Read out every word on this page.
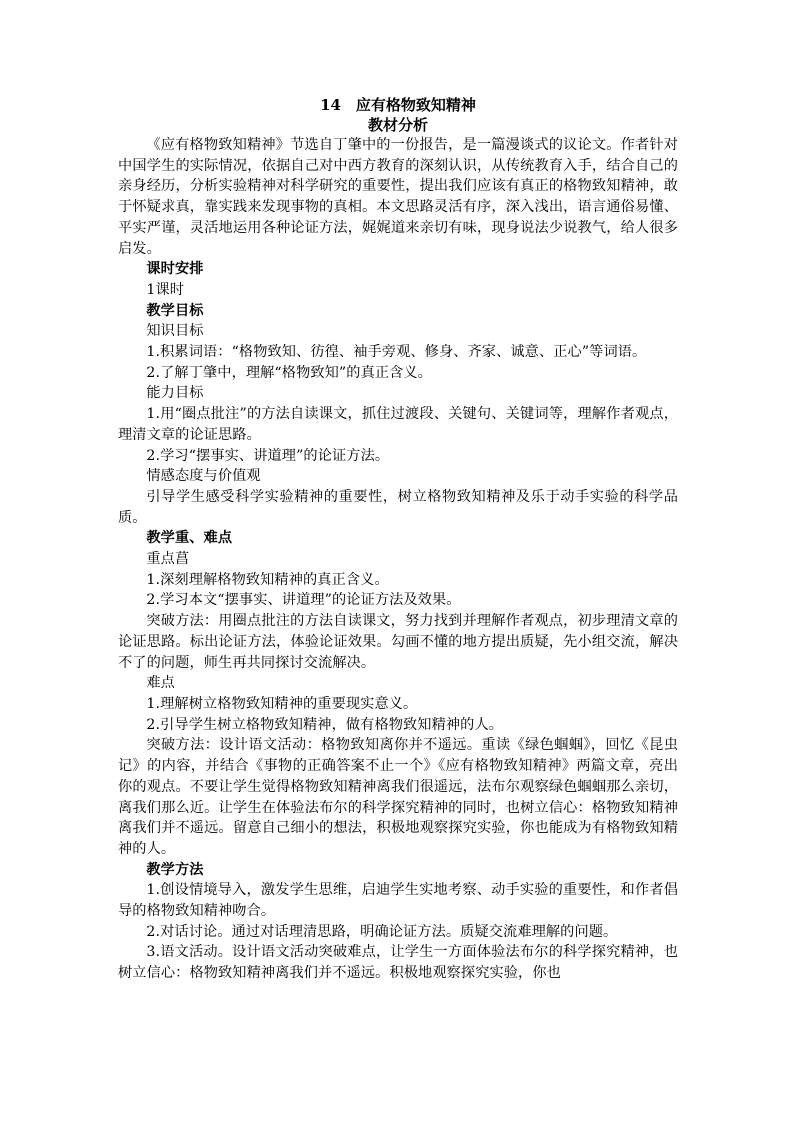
14　应有格物致知精神
教材分析

《应有格物致知精神》节选自丁肇中的一份报告，是一篇漫谈式的议论文。作者针对中国学生的实际情况，依据自己对中西方教育的深刻认识，从传统教育入手，结合自己的亲身经历，分析实验精神对科学研究的重要性，提出我们应该有真正的格物致知精神，敢于怀疑求真，靠实践来发现事物的真相。本文思路灵活有序，深入浅出，语言通俗易懂、平实严谨，灵活地运用各种论证方法，娓娓道来亲切有味，现身说法少说教气，给人很多启发。

课时安排

1课时

教学目标

知识目标

1.积累词语：“格物致知、彷徨、袖手旁观、修身、齐家、诚意、正心”等词语。

2.了解丁肇中，理解“格物致知”的真正含义。

能力目标

1.用“圈点批注”的方法自读课文，抓住过渡段、关键句、关键词等，理解作者观点，理清文章的论证思路。

2.学习“摆事实、讲道理”的论证方法。

情感态度与价值观

引导学生感受科学实验精神的重要性，树立格物致知精神及乐于动手实验的科学品质。

教学重、难点

重点菖

1.深刻理解格物致知精神的真正含义。

2.学习本文“摆事实、讲道理”的论证方法及效果。

突破方法：用圈点批注的方法自读课文，努力找到并理解作者观点，初步理清文章的论证思路。标出论证方法，体验论证效果。勾画不懂的地方提出质疑，先小组交流，解决不了的问题，师生再共同探讨交流解决。

难点

1.理解树立格物致知精神的重要现实意义。

2.引导学生树立格物致知精神，做有格物致知精神的人。

突破方法：设计语文活动：格物致知离你并不遥远。重读《绿色蝈蝈》，回忆《昆虫记》的内容，并结合《事物的正确答案不止一个》《应有格物致知精神》两篇文章，亮出你的观点。不要让学生觉得格物致知精神离我们很遥远，法布尔观察绿色蝈蝈那么亲切，离我们那么近。让学生在体验法布尔的科学探究精神的同时，也树立信心：格物致知精神离我们并不遥远。留意自己细小的想法，积极地观察探究实验，你也能成为有格物致知精神的人。

教学方法

1.创设情境导入，激发学生思维，启迪学生实地考察、动手实验的重要性，和作者倡导的格物致知精神吻合。

2.对话讨论。通过对话理清思路，明确论证方法。质疑交流难理解的问题。

3.语文活动。设计语文活动突破难点，让学生一方面体验法布尔的科学探究精神，也树立信心：格物致知精神离我们并不遥远。积极地观察探究实验，你也
